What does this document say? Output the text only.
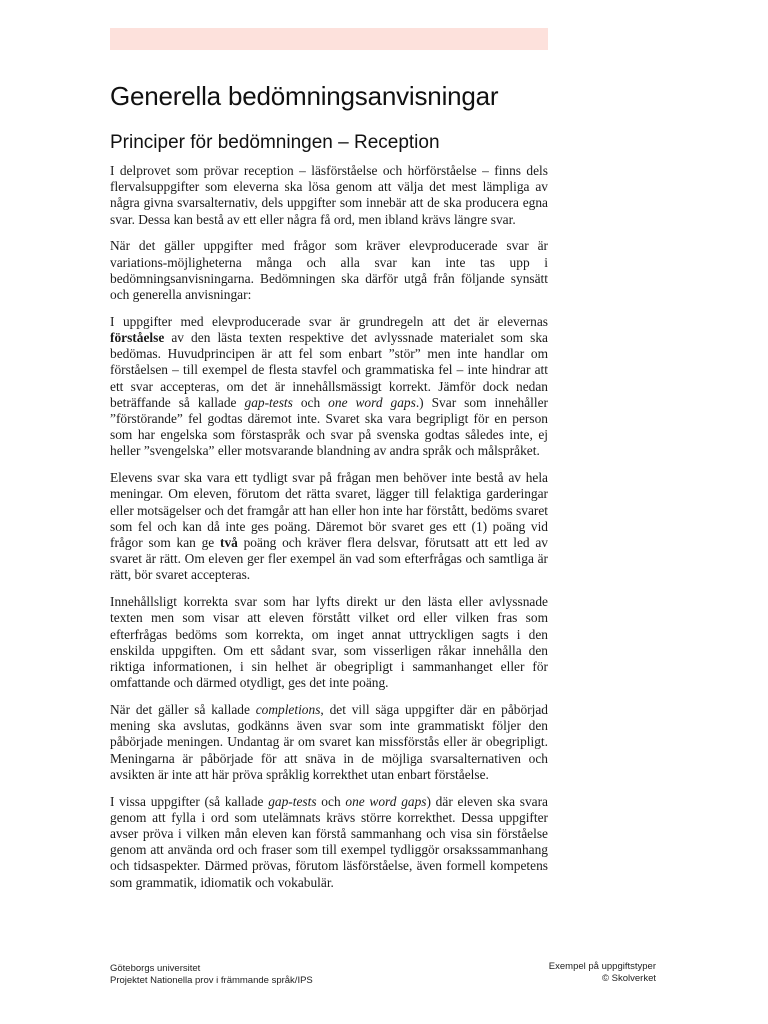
Generella bedömningsanvisningar
Principer för bedömningen – Reception

I delprovet som prövar reception – läsförståelse och hörförståelse – finns dels flervalsuppgifter som eleverna ska lösa genom att välja det mest lämpliga av några givna svarsalternativ, dels uppgifter som innebär att de ska producera egna svar. Dessa kan bestå av ett eller några få ord, men ibland krävs längre svar.

När det gäller uppgifter med frågor som kräver elevproducerade svar är variations-möjligheterna många och alla svar kan inte tas upp i bedömningsanvisningarna. Bedömningen ska därför utgå från följande synsätt och generella anvisningar:

I uppgifter med elevproducerade svar är grundregeln att det är elevernas förståelse av den lästa texten respektive det avlyssnade materialet som ska bedömas. Huvudprincipen är att fel som enbart ”stör” men inte handlar om förståelsen – till exempel de flesta stavfel och grammatiska fel – inte hindrar att ett svar accepteras, om det är innehållsmässigt korrekt. Jämför dock nedan beträffande så kallade gap-tests och one word gaps.) Svar som innehåller ”förstörande” fel godtas däremot inte. Svaret ska vara begripligt för en person som har engelska som förstaspråk och svar på svenska godtas således inte, ej heller ”svengelska” eller motsvarande blandning av andra språk och målspråket.

Elevens svar ska vara ett tydligt svar på frågan men behöver inte bestå av hela meningar. Om eleven, förutom det rätta svaret, lägger till felaktiga garderingar eller motsägelser och det framgår att han eller hon inte har förstått, bedöms svaret som fel och kan då inte ges poäng. Däremot bör svaret ges ett (1) poäng vid frågor som kan ge två poäng och kräver flera delsvar, förutsatt att ett led av svaret är rätt. Om eleven ger fler exempel än vad som efterfrågas och samtliga är rätt, bör svaret accepteras.

Innehållsligt korrekta svar som har lyfts direkt ur den lästa eller avlyssnade texten men som visar att eleven förstått vilket ord eller vilken fras som efterfrågas bedöms som korrekta, om inget annat uttryckligen sagts i den enskilda uppgiften. Om ett sådant svar, som visserligen råkar innehålla den riktiga informationen, i sin helhet är obegripligt i sammanhanget eller för omfattande och därmed otydligt, ges det inte poäng.

När det gäller så kallade completions, det vill säga uppgifter där en påbörjad mening ska avslutas, godkänns även svar som inte grammatiskt följer den påbörjade meningen. Undantag är om svaret kan missförstås eller är obegripligt. Meningarna är påbörjade för att snäva in de möjliga svarsalternativen och avsikten är inte att här pröva språklig korrekthet utan enbart förståelse.

I vissa uppgifter (så kallade gap-tests och one word gaps) där eleven ska svara genom att fylla i ord som utelämnats krävs större korrekthet. Dessa uppgifter avser pröva i vilken mån eleven kan förstå sammanhang och visa sin förståelse genom att använda ord och fraser som till exempel tydliggör orsakssammanhang och tidsaspekter. Därmed prövas, förutom läsförståelse, även formell kompetens som grammatik, idiomatik och vokabulär.

Göteborgs universitet
Projektet Nationella prov i främmande språk/IPS
Exempel på uppgiftstyper
© Skolverket
